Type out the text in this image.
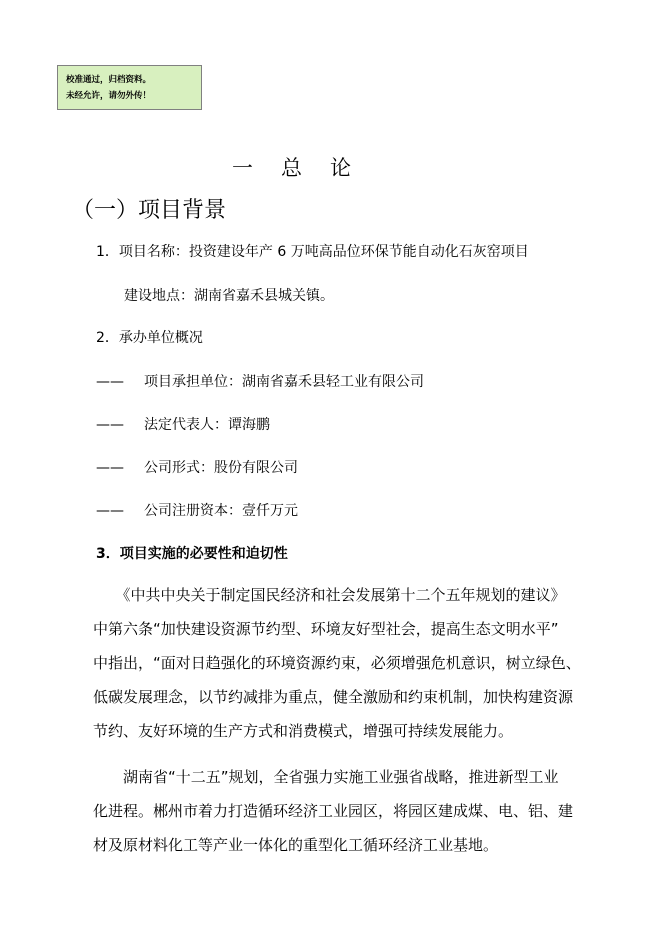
校准通过，归档资料。
未经允许，请勿外传！
一 总 论
（一）项目背景
1．项目名称：投资建设年产 6 万吨高品位环保节能自动化石灰窑项目
建设地点：湖南省嘉禾县城关镇。
2．承办单位概况
—— 项目承担单位：湖南省嘉禾县轻工业有限公司
—— 法定代表人：谭海鹏
—— 公司形式：股份有限公司
—— 公司注册资本：壹仟万元
3．项目实施的必要性和迫切性
　　《中共中央关于制定国民经济和社会发展第十二个五年规划的建议》
中第六条“加快建设资源节约型、环境友好型社会，提高生态文明水平”
中指出，“面对日趋强化的环境资源约束，必须增强危机意识，树立绿色、
低碳发展理念，以节约减排为重点，健全激励和约束机制，加快构建资源
节约、友好环境的生产方式和消费模式，增强可持续发展能力。
　　湖南省“十二五”规划，全省强力实施工业强省战略，推进新型工业
化进程。郴州市着力打造循环经济工业园区，将园区建成煤、电、铝、建
材及原材料化工等产业一体化的重型化工循环经济工业基地。
